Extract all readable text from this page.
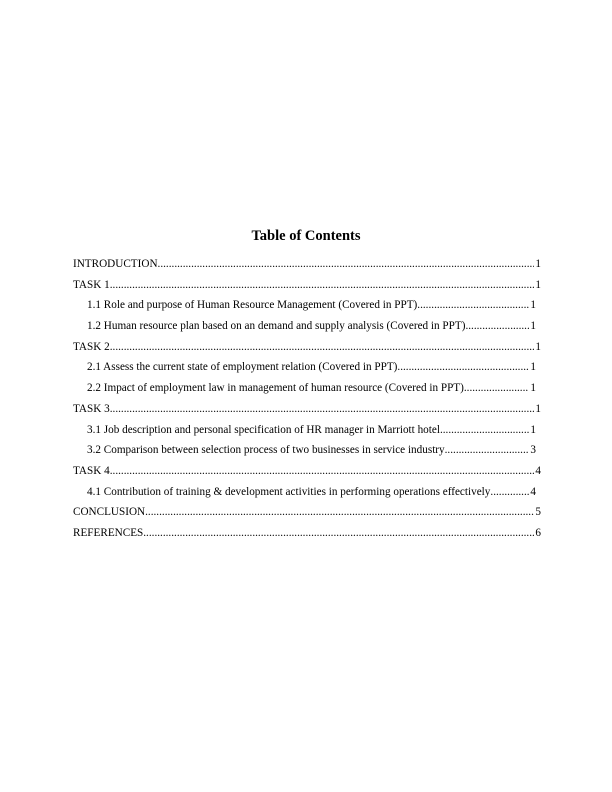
Table of Contents
INTRODUCTION .....	1
TASK 1 .....	1
1.1 Role and purpose of Human Resource Management (Covered in PPT) .....	1
1.2 Human resource plan based on an demand and supply analysis (Covered in PPT) .....	1
TASK 2 .....	1
2.1 Assess the current state of employment relation (Covered in PPT) .....	1
2.2 Impact of employment law in management of human resource (Covered in PPT) .....	1
TASK 3 .....	1
3.1 Job description and personal specification of HR manager in Marriott hotel .....	1
3.2 Comparison between selection process of two businesses in service industry .....	3
TASK 4 .....	4
4.1 Contribution of training & development activities in performing operations effectively .....	4
CONCLUSION .....	5
REFERENCES .....	6
